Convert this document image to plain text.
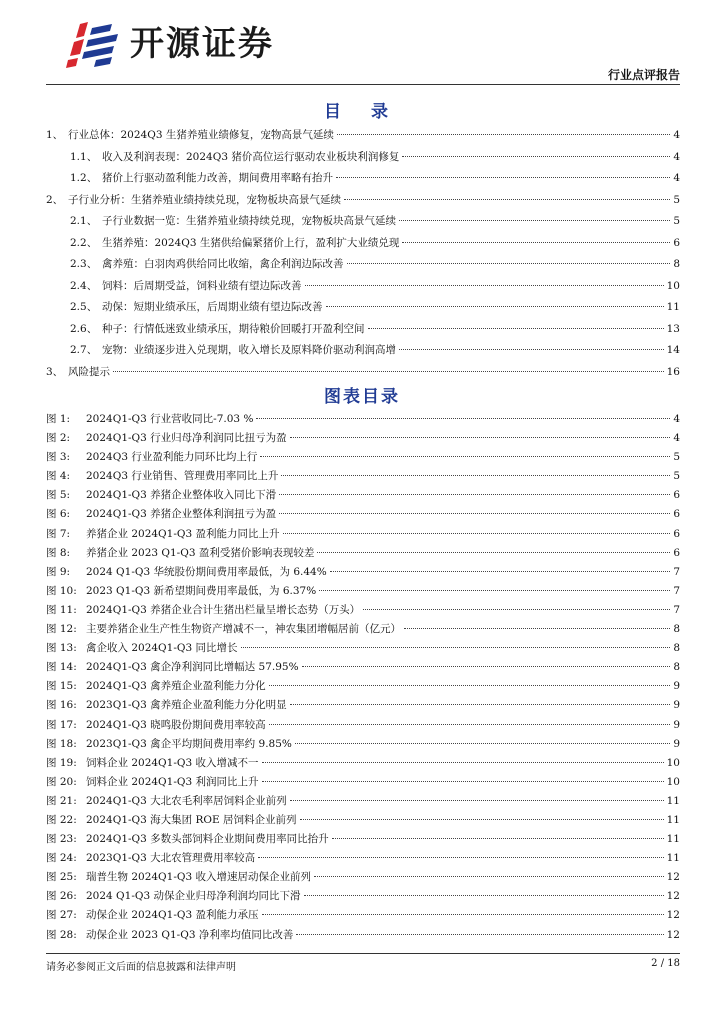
开源证券
行业点评报告
目 录
1、 行业总体：2024Q3 生猪养殖业绩修复，宠物高景气延续	4
1.1、 收入及利润表现：2024Q3 猪价高位运行驱动农业板块利润修复	4
1.2、 猪价上行驱动盈利能力改善，期间费用率略有抬升	4
2、 子行业分析：生猪养殖业绩持续兑现，宠物板块高景气延续	5
2.1、 子行业数据一览：生猪养殖业绩持续兑现，宠物板块高景气延续	5
2.2、 生猪养殖：2024Q3 生猪供给偏紧猪价上行，盈利扩大业绩兑现	6
2.3、 禽养殖：白羽肉鸡供给同比收缩，禽企利润边际改善	8
2.4、 饲料：后周期受益，饲料业绩有望边际改善	10
2.5、 动保：短期业绩承压，后周期业绩有望边际改善	11
2.6、 种子：行情低迷致业绩承压，期待粮价回暖打开盈利空间	13
2.7、 宠物：业绩逐步进入兑现期，收入增长及原料降价驱动利润高增	14
3、 风险提示	16
图表目录
图 1:	2024Q1-Q3 行业营收同比-7.03 %	4
图 2:	2024Q1-Q3 行业归母净利润同比扭亏为盈	4
图 3:	2024Q3 行业盈利能力同环比均上行	5
图 4:	2024Q3 行业销售、管理费用率同比上升	5
图 5:	2024Q1-Q3 养猪企业整体收入同比下滑	6
图 6:	2024Q1-Q3 养猪企业整体利润扭亏为盈	6
图 7:	养猪企业 2024Q1-Q3 盈利能力同比上升	6
图 8:	养猪企业 2023 Q1-Q3 盈利受猪价影响表现较差	6
图 9:	2024 Q1-Q3 华统股份期间费用率最低，为 6.44%	7
图 10: 2023 Q1-Q3 新希望期间费用率最低，为 6.37%	7
图 11: 2024Q1-Q3 养猪企业合计生猪出栏量呈增长态势（万头）	7
图 12: 主要养猪企业生产性生物资产增减不一，神农集团增幅居前（亿元）	8
图 13: 禽企收入 2024Q1-Q3 同比增长	8
图 14: 2024Q1-Q3 禽企净利润同比增幅达 57.95%	8
图 15: 2024Q1-Q3 禽养殖企业盈利能力分化	9
图 16: 2023Q1-Q3 禽养殖企业盈利能力分化明显	9
图 17: 2024Q1-Q3 晓鸣股份期间费用率较高	9
图 18: 2023Q1-Q3 禽企平均期间费用率约 9.85%	9
图 19: 饲料企业 2024Q1-Q3 收入增减不一	10
图 20: 饲料企业 2024Q1-Q3 利润同比上升	10
图 21: 2024Q1-Q3 大北农毛利率居饲料企业前列	11
图 22: 2024Q1-Q3 海大集团 ROE 居饲料企业前列	11
图 23: 2024Q1-Q3 多数头部饲料企业期间费用率同比抬升	11
图 24: 2023Q1-Q3 大北农管理费用率较高	11
图 25: 瑞普生物 2024Q1-Q3 收入增速居动保企业前列	12
图 26: 2024 Q1-Q3 动保企业归母净利润均同比下滑	12
图 27: 动保企业 2024Q1-Q3 盈利能力承压	12
图 28: 动保企业 2023 Q1-Q3 净利率均值同比改善	12
请务必参阅正文后面的信息披露和法律声明	2 / 18
